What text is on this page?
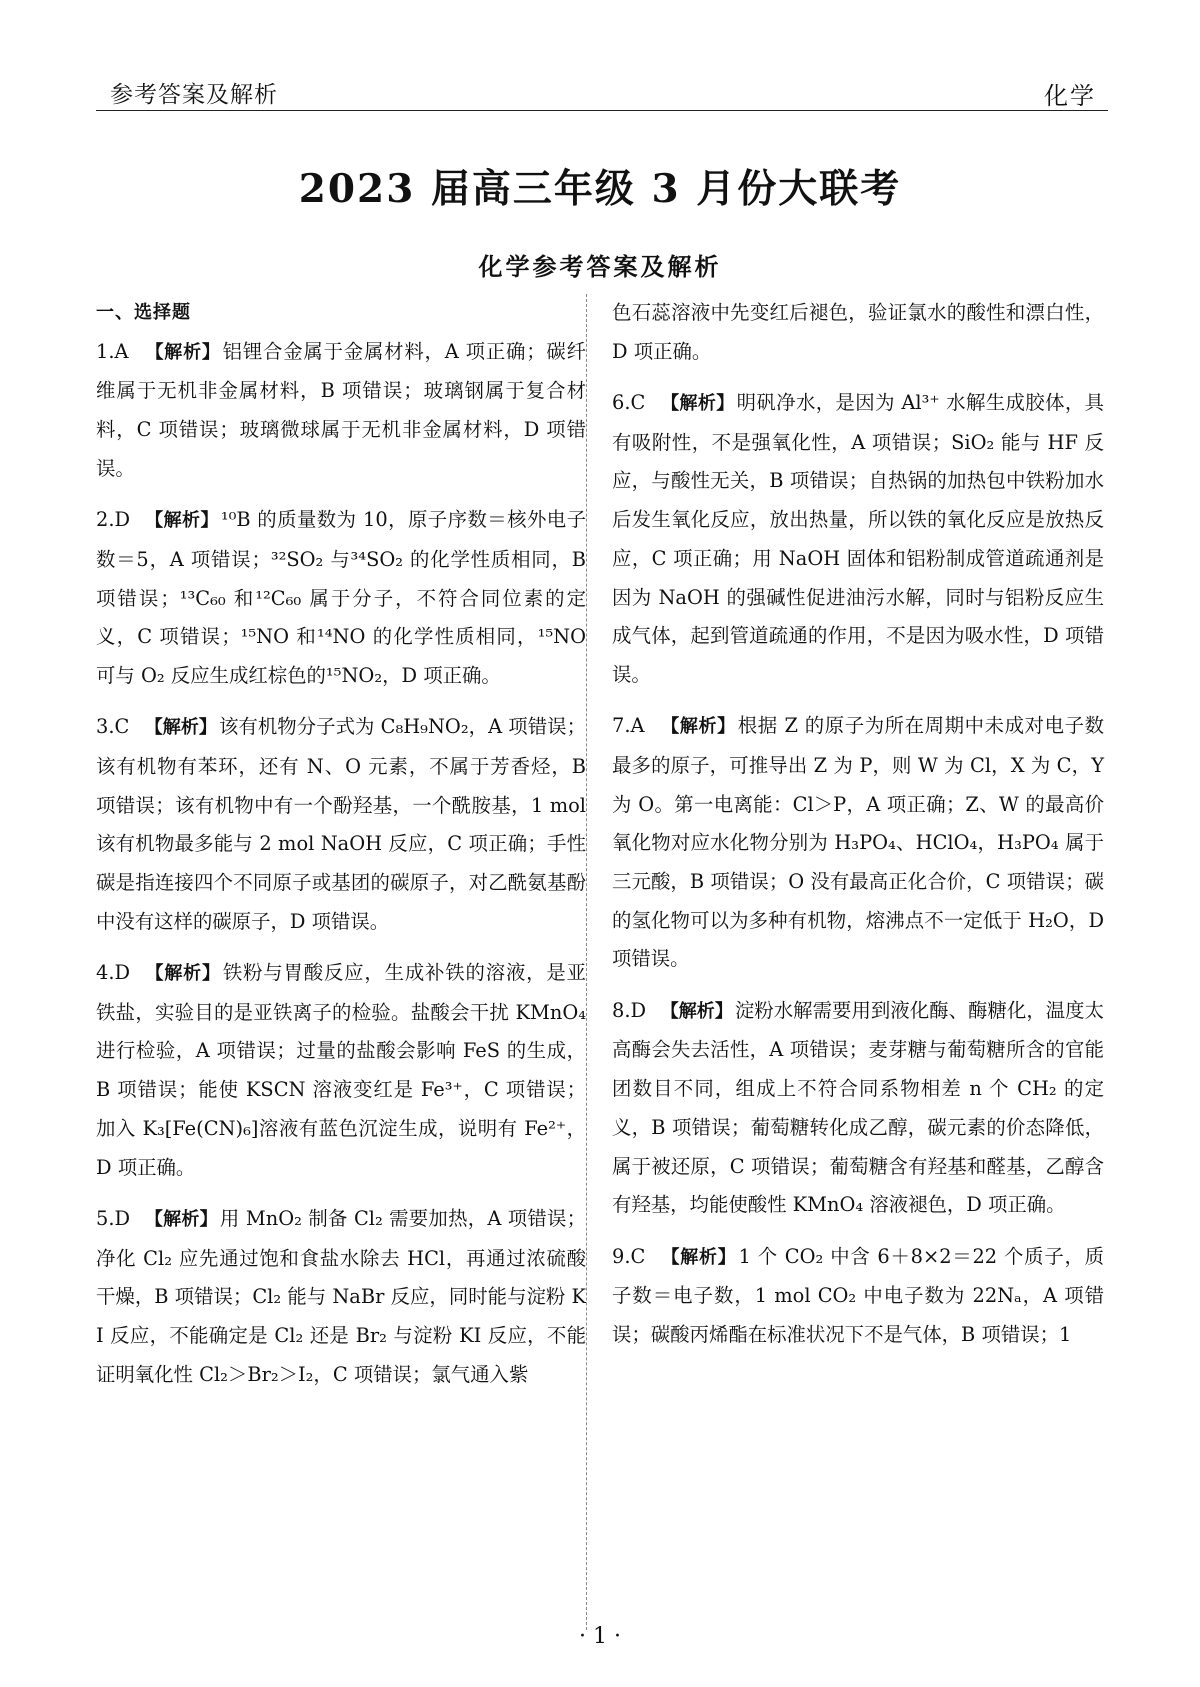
参考答案及解析	化学
2023 届高三年级 3 月份大联考
化学参考答案及解析
一、选择题
1.A 【解析】 铝锂合金属于金属材料，A 项正确；碳纤维属于无机非金属材料，B 项错误；玻璃钢属于复合材料，C 项错误；玻璃微球属于无机非金属材料，D 项错误。
2.D 【解析】 ¹⁰B 的质量数为 10，原子序数＝核外电子数＝5，A 项错误；³²SO₂ 与³⁴SO₂ 的化学性质相同，B 项错误；¹³C₆₀ 和¹²C₆₀ 属于分子，不符合同位素的定义，C 项错误；¹⁵NO 和¹⁴NO 的化学性质相同，¹⁵NO 可与 O₂ 反应生成红棕色的¹⁵NO₂，D 项正确。
3.C 【解析】 该有机物分子式为 C₈H₉NO₂，A 项错误；该有机物有苯环，还有 N、O 元素，不属于芳香烃，B 项错误；该有机物中有一个酚羟基，一个酰胺基，1 mol该有机物最多能与 2 mol NaOH 反应，C 项正确；手性碳是指连接四个不同原子或基团的碳原子，对乙酰氨基酚中没有这样的碳原子，D 项错误。
4.D 【解析】 铁粉与胃酸反应，生成补铁的溶液，是亚铁盐，实验目的是亚铁离子的检验。盐酸会干扰 KMnO₄ 进行检验，A 项错误；过量的盐酸会影响 FeS 的生成，B 项错误；能使 KSCN 溶液变红是 Fe³⁺，C 项错误；加入 K₃[Fe(CN)₆]溶液有蓝色沉淀生成，说明有 Fe²⁺，D 项正确。
5.D 【解析】 用 MnO₂ 制备 Cl₂ 需要加热，A 项错误；净化 Cl₂ 应先通过饱和食盐水除去 HCl，再通过浓硫酸干燥，B 项错误；Cl₂ 能与 NaBr 反应，同时能与淀粉 KI 反应，不能确定是 Cl₂ 还是 Br₂ 与淀粉 KI 反应，不能证明氧化性 Cl₂＞Br₂＞I₂，C 项错误；氯气通入紫
色石蕊溶液中先变红后褪色，验证氯水的酸性和漂白性，D 项正确。
6.C 【解析】 明矾净水，是因为 Al³⁺ 水解生成胶体，具有吸附性，不是强氧化性，A 项错误；SiO₂ 能与 HF 反应，与酸性无关，B 项错误；自热锅的加热包中铁粉加水后发生氧化反应，放出热量，所以铁的氧化反应是放热反应，C 项正确；用 NaOH 固体和铝粉制成管道疏通剂是因为 NaOH 的强碱性促进油污水解，同时与铝粉反应生成气体，起到管道疏通的作用，不是因为吸水性，D 项错误。
7.A 【解析】 根据 Z 的原子为所在周期中未成对电子数最多的原子，可推导出 Z 为 P，则 W 为 Cl，X 为 C，Y 为 O。第一电离能：Cl＞P，A 项正确；Z、W 的最高价氧化物对应水化物分别为 H₃PO₄、HClO₄，H₃PO₄ 属于三元酸，B 项错误；O 没有最高正化合价，C 项错误；碳的氢化物可以为多种有机物，熔沸点不一定低于 H₂O，D 项错误。
8.D 【解析】 淀粉水解需要用到液化酶、酶糖化，温度太高酶会失去活性，A 项错误；麦芽糖与葡萄糖所含的官能团数目不同，组成上不符合同系物相差 n 个 CH₂ 的定义，B 项错误；葡萄糖转化成乙醇，碳元素的价态降低，属于被还原，C 项错误；葡萄糖含有羟基和醛基，乙醇含有羟基，均能使酸性 KMnO₄ 溶液褪色，D 项正确。
9.C 【解析】 1 个 CO₂ 中含 6＋8×2＝22 个质子，质子数＝电子数，1 mol CO₂ 中电子数为 22Nₐ，A 项错误；碳酸丙烯酯在标准状况下不是气体，B 项错误；1
· 1 ·
